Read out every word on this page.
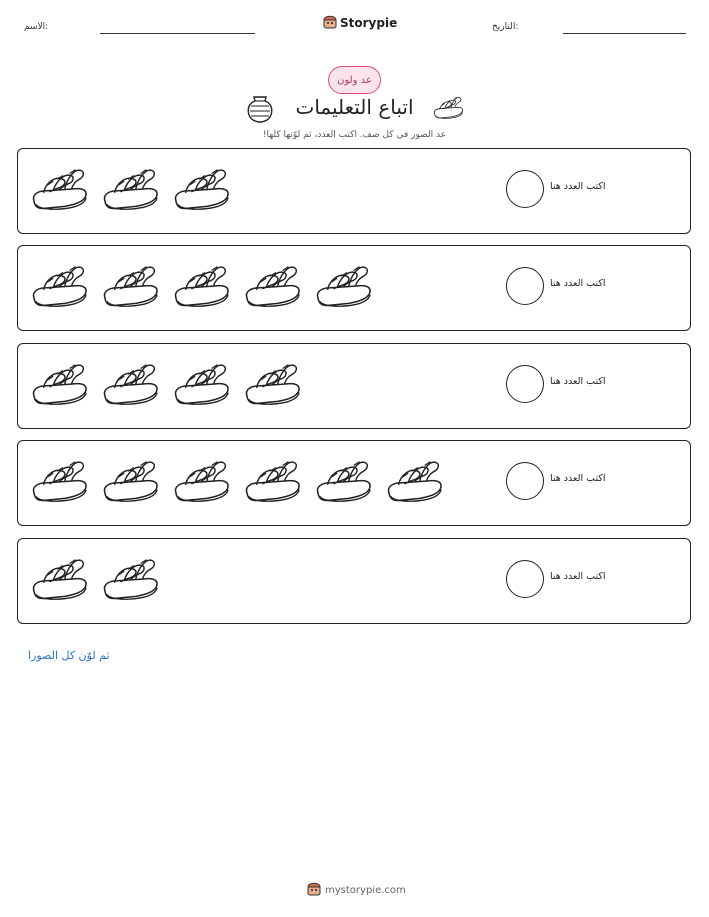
الاسم:	Storypie	التاريخ:
عد ولون
اتباع التعليمات
عد الصور في كل صف. اكتب العدد، ثم لوّنها كلها!
اكتب العدد هنا
اكتب العدد هنا
اكتب العدد هنا
اكتب العدد هنا
اكتب العدد هنا
ثم لوّن كل الصورا
mystorypie.com
